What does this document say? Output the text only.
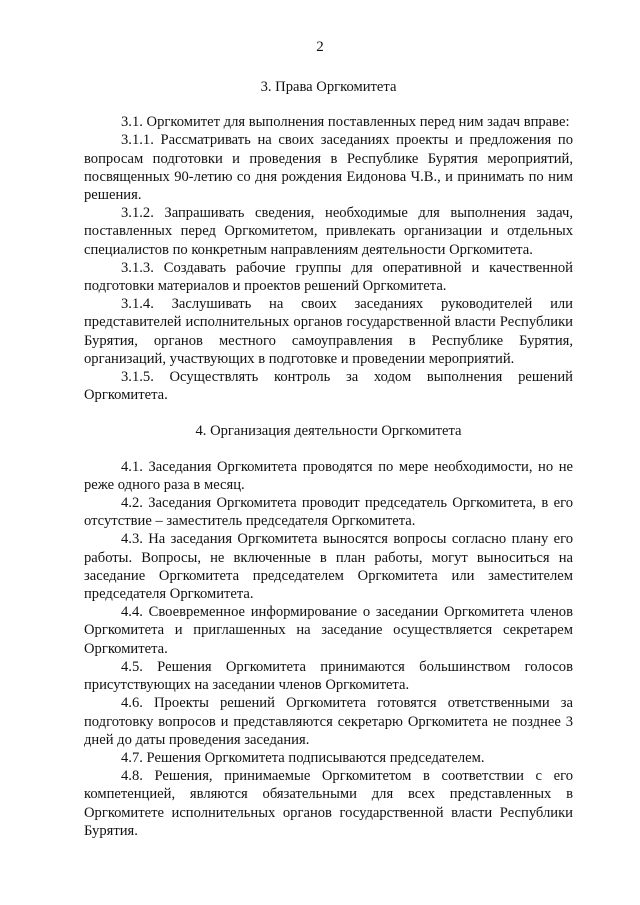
2
3. Права Оргкомитета

3.1. Оргкомитет для выполнения поставленных перед ним задач вправе:

3.1.1. Рассматривать на своих заседаниях проекты и предложения по вопросам подготовки и проведения в Республике Бурятия мероприятий, посвященных 90-летию со дня рождения Еидонова Ч.В., и принимать по ним решения.

3.1.2. Запрашивать сведения, необходимые для выполнения задач, поставленных перед Оргкомитетом, привлекать организации и отдельных специалистов по конкретным направлениям деятельности Оргкомитета.

3.1.3. Создавать рабочие группы для оперативной и качественной подготовки материалов и проектов решений Оргкомитета.

3.1.4. Заслушивать на своих заседаниях руководителей или представителей исполнительных органов государственной власти Республики Бурятия, органов местного самоуправления в Республике Бурятия, организаций, участвующих в подготовке и проведении мероприятий.

3.1.5. Осуществлять контроль за ходом выполнения решений Оргкомитета.

4. Организация деятельности Оргкомитета

4.1. Заседания Оргкомитета проводятся по мере необходимости, но не реже одного раза в месяц.

4.2. Заседания Оргкомитета проводит председатель Оргкомитета, в его отсутствие – заместитель председателя Оргкомитета.

4.3. На заседания Оргкомитета выносятся вопросы согласно плану его работы. Вопросы, не включенные в план работы, могут выноситься на заседание Оргкомитета председателем Оргкомитета или заместителем председателя Оргкомитета.

4.4. Своевременное информирование о заседании Оргкомитета членов Оргкомитета и приглашенных на заседание осуществляется секретарем Оргкомитета.

4.5. Решения Оргкомитета принимаются большинством голосов присутствующих на заседании членов Оргкомитета.

4.6. Проекты решений Оргкомитета готовятся ответственными за подготовку вопросов и представляются секретарю Оргкомитета не позднее 3 дней до даты проведения заседания.

4.7. Решения Оргкомитета подписываются председателем.

4.8. Решения, принимаемые Оргкомитетом в соответствии с его компетенцией, являются обязательными для всех представленных в Оргкомитете исполнительных органов государственной власти Республики Бурятия.
